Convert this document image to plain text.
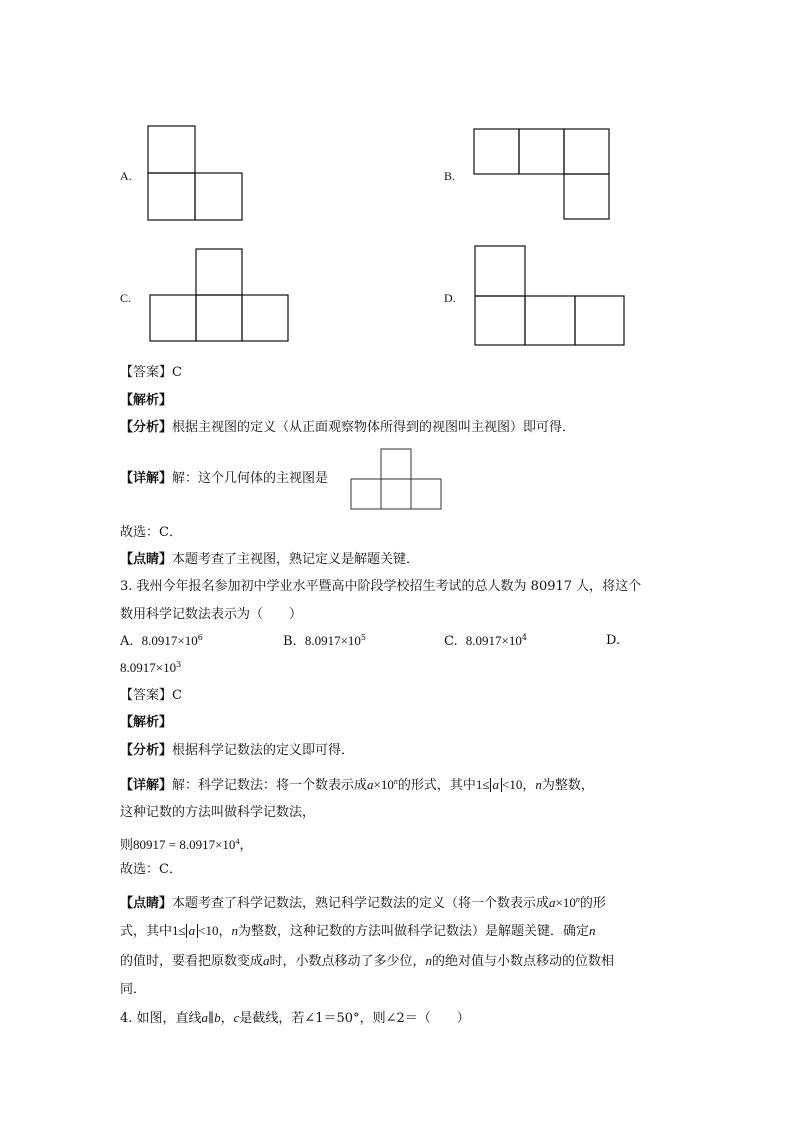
A.	B.
C.	D.
【答案】C
【解析】
【分析】根据主视图的定义（从正面观察物体所得到的视图叫主视图）即可得．
【详解】解：这个几何体的主视图是
故选：C．
【点睛】本题考查了主视图，熟记定义是解题关键．
3. 我州今年报名参加初中学业水平暨高中阶段学校招生考试的总人数为 80917 人，将这个
数用科学记数法表示为（　　）
A. $8.0917\times 10^6$	B. $8.0917\times 10^5$	C. $8.0917\times 10^4$	D.
$8.0917\times 10^3$
【答案】C
【解析】
【分析】根据科学记数法的定义即可得．
【详解】解：科学记数法：将一个数表示成$a\times 10^n$的形式，其中1≤ a <10，n为整数，
这种记数的方法叫做科学记数法，
则$80917 = 8.0917\times 10^4$，
故选：C．
【点睛】本题考查了科学记数法，熟记科学记数法的定义（将一个数表示成$a\times 10^n$的形
式，其中1≤ a <10，n为整数，这种记数的方法叫做科学记数法）是解题关键．确定n
的值时，要看把原数变成a时，小数点移动了多少位，n的绝对值与小数点移动的位数相
同．
4. 如图，直线a∥b，c是截线，若∠1＝50°，则∠2＝（　　）
